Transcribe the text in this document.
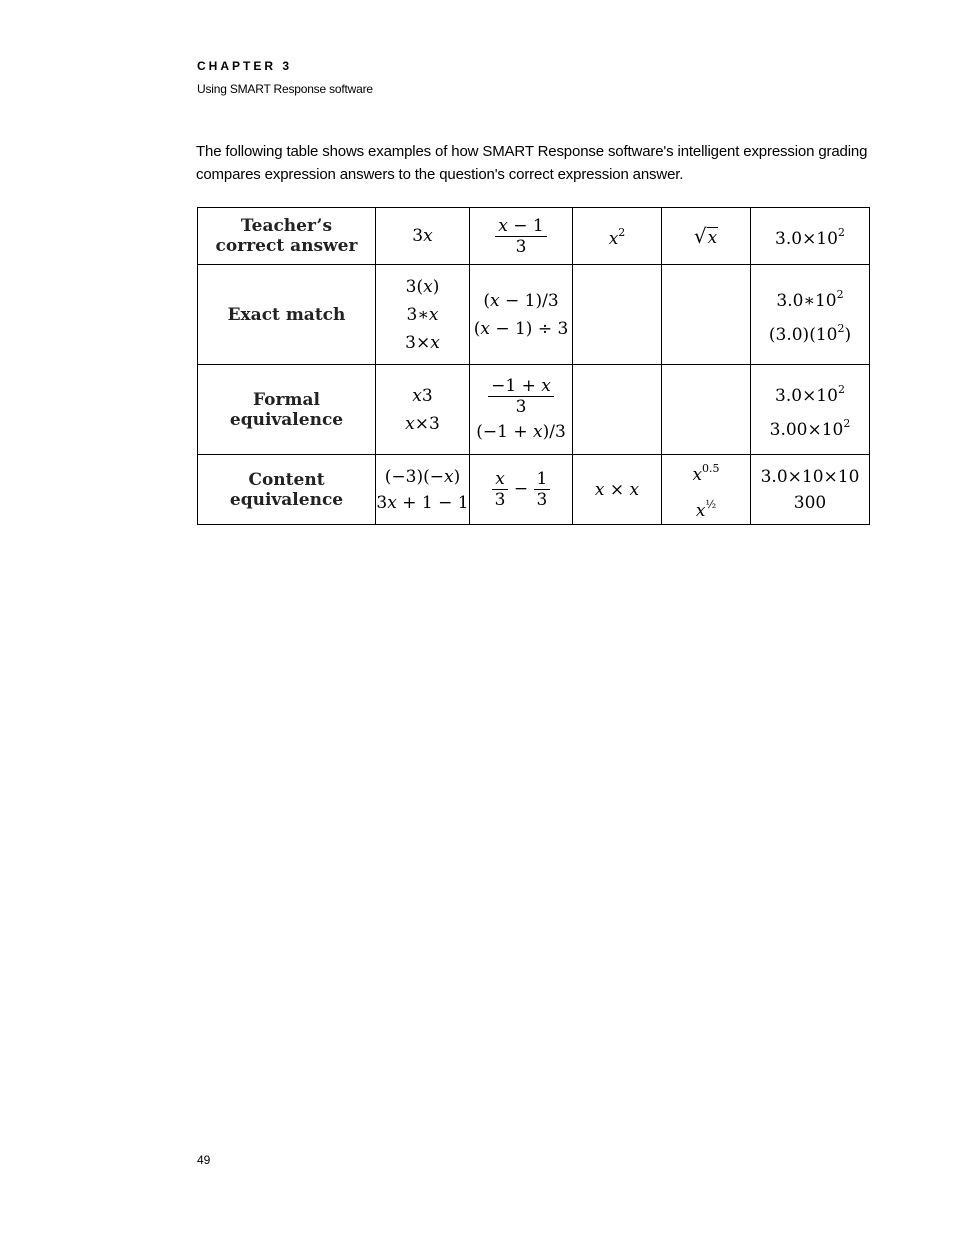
CHAPTER 3
Using SMART Response software
The following table shows examples of how SMART Response software's intelligent expression grading compares expression answers to the question's correct expression answer.
Teacher’s
correct answer	3x	$\frac{x - 1}{3}$	$x^2$	√ x	$3.0\times 10^2$
Exact match	3(x)
3∗x
3×x	(x − 1)/3
(x − 1) ÷ 3			$3.0∗10^2$
$(3.0)(10^2)$

Formal equivalence	x3
x×3	$\frac{-1 + x}{3}$
(−1 + x)/3			$3.0\times 10^2$
$3.00\times 10^2$

Content
equivalence	(−3)(−x)
3x + 1 − 1	$\frac{x}{3} - \frac{1}{3}$	x × x	$x^{0.5}$
$x^{\frac{1}{2}}$	3.0×10×10
300
49
